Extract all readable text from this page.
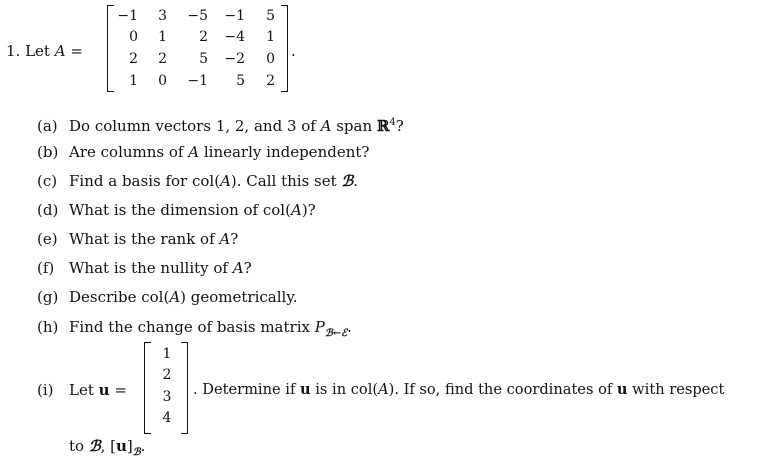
1. Let A =
−1	3	−5	−1	5
0	1	2	−4	1
2	2	5	−2	0
1	0	−1	5	2
.
(a) Do column vectors 1, 2, and 3 of A span ℝ$^4$?
(b) Are columns of A linearly independent?
(c) Find a basis for col(A). Call this set ℬ.
(d) What is the dimension of col(A)?
(e) What is the rank of A?
(f) What is the nullity of A?
(g) Describe col(A) geometrically.
(h) Find the change of basis matrix $P_{ℬ\leftarrow ℰ}$.
(i) Let u =
1
2
3
4
. Determine if u is in col(A). If so, find the coordinates of u with respect
to ℬ, $[u]_ℬ$.
